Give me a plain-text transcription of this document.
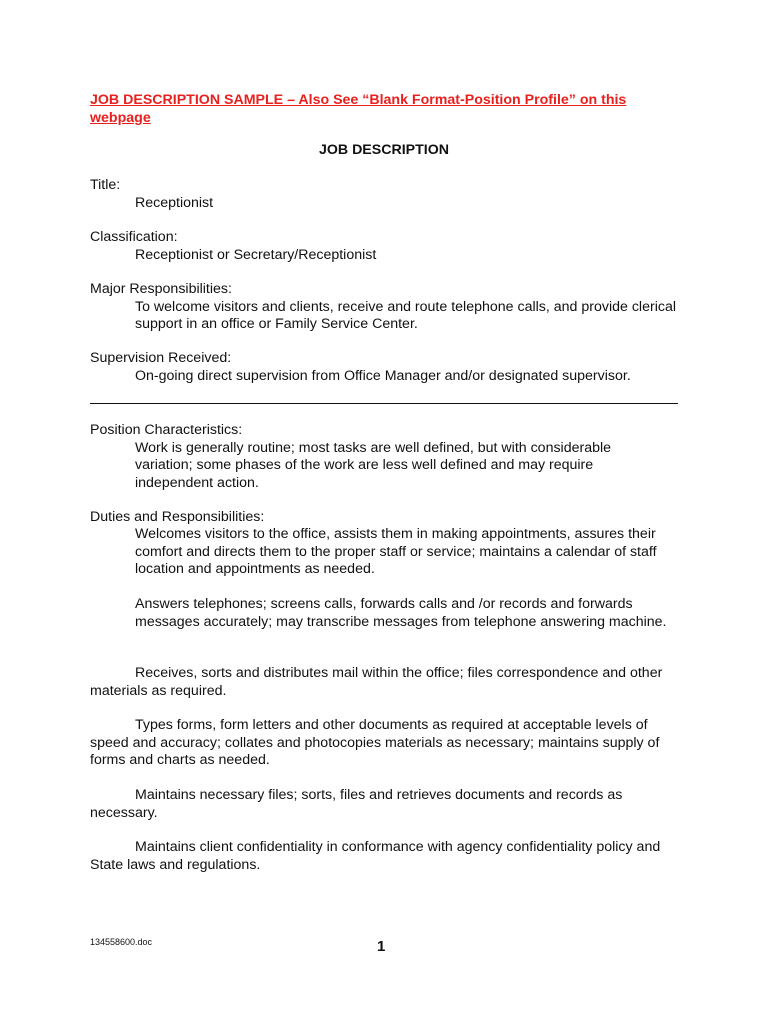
JOB DESCRIPTION SAMPLE – Also See “Blank Format-Position Profile” on this webpage
JOB DESCRIPTION
Title:
Receptionist
Classification:
Receptionist or Secretary/Receptionist
Major Responsibilities:
To welcome visitors and clients, receive and route telephone calls, and provide clerical support in an office or Family Service Center.
Supervision Received:
On-going direct supervision from Office Manager and/or designated supervisor.
Position Characteristics:
Work is generally routine; most tasks are well defined, but with considerable variation; some phases of the work are less well defined and may require independent action.
Duties and Responsibilities:
Welcomes visitors to the office, assists them in making appointments, assures their comfort and directs them to the proper staff or service; maintains a calendar of staff location and appointments as needed.
Answers telephones; screens calls, forwards calls and /or records and forwards messages accurately; may transcribe messages from telephone answering machine.
Receives, sorts and distributes mail within the office; files correspondence and other materials as required.
Types forms, form letters and other documents as required at acceptable levels of speed and accuracy; collates and photocopies materials as necessary; maintains supply of forms and charts as needed.
Maintains necessary files; sorts, files and retrieves documents and records as necessary.
Maintains client confidentiality in conformance with agency confidentiality policy and State laws and regulations.
134558600.doc	1
